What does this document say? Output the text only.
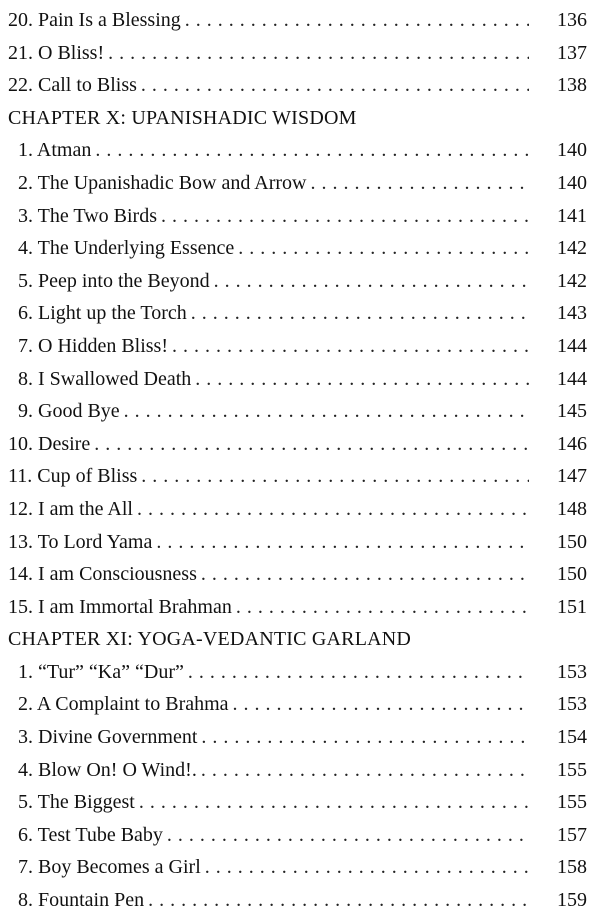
20. Pain Is a Blessing . . .	136
21. O Bliss! . . .	137
22. Call to Bliss . . .	138
CHAPTER X: UPANISHADIC WISDOM
1. Atman . . .	140
2. The Upanishadic Bow and Arrow . . .	140
3. The Two Birds . . .	141
4. The Underlying Essence . . .	142
5. Peep into the Beyond . . .	142
6. Light up the Torch . . .	143
7. O Hidden Bliss! . . .	144
8. I Swallowed Death . . .	144
9. Good Bye . . .	145
10. Desire . . .	146
11. Cup of Bliss . . .	147
12. I am the All . . .	148
13. To Lord Yama . . .	150
14. I am Consciousness . . .	150
15. I am Immortal Brahman . . .	151
CHAPTER XI: YOGA-VEDANTIC GARLAND
1. “Tur” “Ka” “Dur” . . .	153
2. A Complaint to Brahma . . .	153
3. Divine Government . . .	154
4. Blow On! O Wind!. . . .	155
5. The Biggest . . .	155
6. Test Tube Baby . . .	157
7. Boy Becomes a Girl . . .	158
8. Fountain Pen . . .	159
